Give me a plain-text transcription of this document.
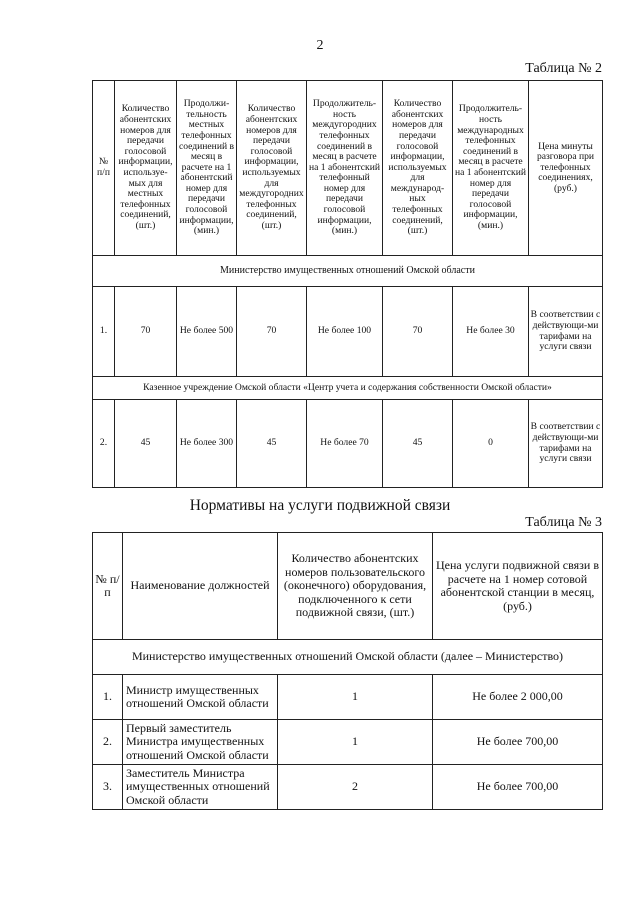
2
Таблица № 2
№ п/п	Количество абонентских номеров для передачи голосовой информации, используе-мых для местных телефонных соединений, (шт.)	Продолжи-тельность местных телефонных соединений в месяц в расчете на 1 абонентский номер для передачи голосовой информации, (мин.)	Количество абонентских номеров для передачи голосовой информации, используемых для междугородних телефонных соединений, (шт.)	Продолжитель-ность междугородних телефонных соединений в месяц в расчете на 1 абонентский телефонный номер для передачи голосовой информации, (мин.)	Количество абонентских номеров для передачи голосовой информации, используемых для международ-ных телефонных соединений, (шт.)	Продолжитель-ность международных телефонных соединений в месяц в расчете на 1 абонентский номер для передачи голосовой информации, (мин.)	Цена минуты разговора при телефонных соединениях, (руб.)
Министерство имущественных отношений Омской области							
1.	70	Не более 500	70	Не более 100	70	Не более 30	В соответствии с действующи-ми тарифами на услуги связи
Казенное учреждение Омской области «Центр учета и содержания собственности Омской области»							
2.	45	Не более 300	45	Не более 70	45	0	В соответствии с действующи-ми тарифами на услуги связи
Нормативы на услуги подвижной связи
Таблица № 3
№ п/п	Наименование должностей	Количество абонентских номеров пользовательского (оконечного) оборудования, подключенного к сети подвижной связи, (шт.)	Цена услуги подвижной связи в расчете на 1 номер сотовой абонентской станции в месяц, (руб.)
Министерство имущественных отношений Омской области (далее – Министерство)			
1.	Министр имущественных отношений Омской области	1	Не более 2 000,00
2.	Первый заместитель Министра имущественных отношений Омской области	1	Не более 700,00
3.	Заместитель Министра имущественных отношений Омской области	2	Не более 700,00
